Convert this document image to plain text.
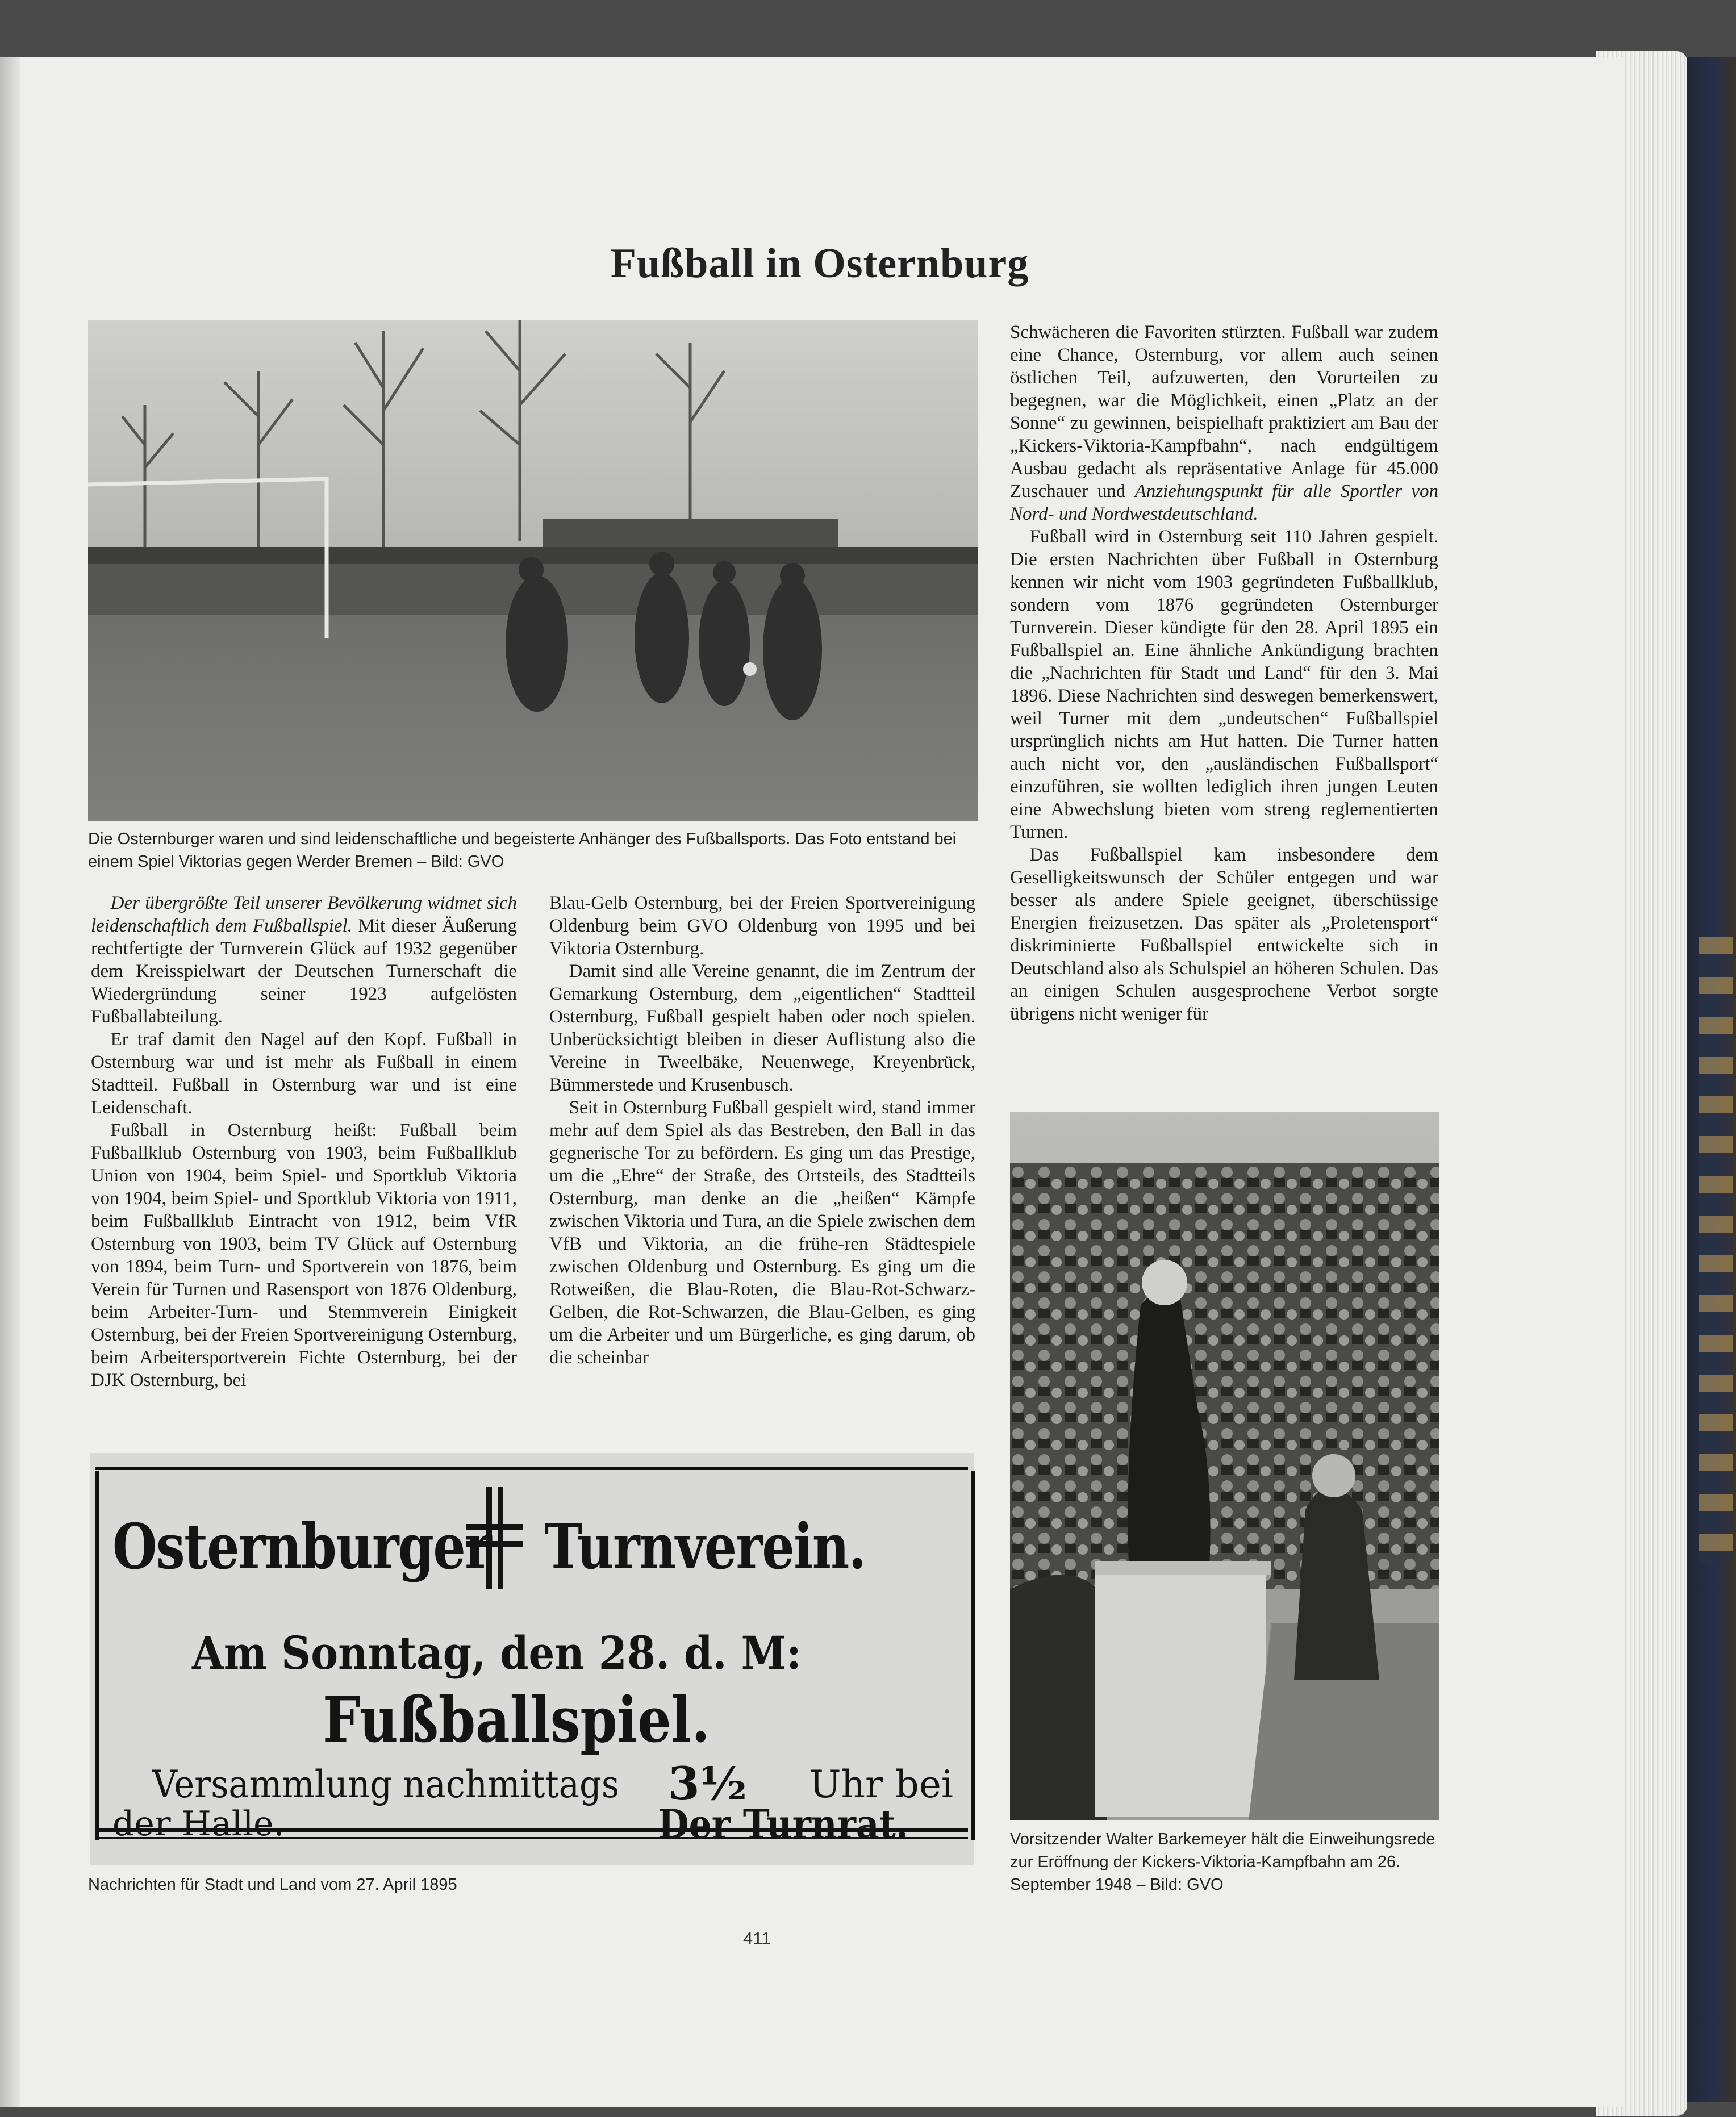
Fußball in Osternburg

Die Osternburger waren und sind leidenschaftliche und begeisterte Anhänger des Fußballsports. Das Foto entstand bei einem Spiel Viktorias gegen Werder Bremen – Bild: GVO

Der übergrößte Teil unserer Bevölkerung widmet sich leidenschaftlich dem Fußballspiel. Mit dieser Äußerung rechtfertigte der Turnverein Glück auf 1932 gegenüber dem Kreisspielwart der Deutschen Turnerschaft die Wiedergründung seiner 1923 aufgelösten Fußballabteilung.

Er traf damit den Nagel auf den Kopf. Fußball in Osternburg war und ist mehr als Fußball in einem Stadtteil. Fußball in Osternburg war und ist eine Leidenschaft.

Fußball in Osternburg heißt: Fußball beim Fußballklub Osternburg von 1903, beim Fußballklub Union von 1904, beim Spiel- und Sportklub Viktoria von 1904, beim Spiel- und Sportklub Viktoria von 1911, beim Fußballklub Eintracht von 1912, beim VfR Osternburg von 1903, beim TV Glück auf Osternburg von 1894, beim Turn- und Sportverein von 1876, beim Verein für Turnen und Rasensport von 1876 Oldenburg, beim Arbeiter-Turn- und Stemmverein Einigkeit Osternburg, bei der Freien Sportvereinigung Osternburg, beim Arbeitersportverein Fichte Osternburg, bei der DJK Osternburg, bei

Blau-Gelb Osternburg, bei der Freien Sportvereinigung Oldenburg beim GVO Oldenburg von 1995 und bei Viktoria Osternburg.

Damit sind alle Vereine genannt, die im Zentrum der Gemarkung Osternburg, dem „eigentlichen“ Stadtteil Osternburg, Fußball gespielt haben oder noch spielen. Unberücksichtigt bleiben in dieser Auflistung also die Vereine in Tweelbäke, Neuenwege, Kreyenbrück, Bümmerstede und Krusenbusch.

Seit in Osternburg Fußball gespielt wird, stand immer mehr auf dem Spiel als das Bestreben, den Ball in das gegnerische Tor zu befördern. Es ging um das Prestige, um die „Ehre“ der Straße, des Ortsteils, des Stadtteils Osternburg, man denke an die „heißen“ Kämpfe zwischen Viktoria und Tura, an die Spiele zwischen dem VfB und Viktoria, an die frühe-ren Städtespiele zwischen Oldenburg und Osternburg. Es ging um die Rotweißen, die Blau-Roten, die Blau-Rot-Schwarz-Gelben, die Rot-Schwarzen, die Blau-Gelben, es ging um die Arbeiter und um Bürgerliche, es ging darum, ob die scheinbar

Schwächeren die Favoriten stürzten. Fußball war zudem eine Chance, Osternburg, vor allem auch seinen östlichen Teil, aufzuwerten, den Vorurteilen zu begegnen, war die Möglichkeit, einen „Platz an der Sonne“ zu gewinnen, beispielhaft praktiziert am Bau der „Kickers-Viktoria-Kampfbahn“, nach endgültigem Ausbau gedacht als repräsentative Anlage für 45.000 Zuschauer und Anziehungspunkt für alle Sportler von Nord- und Nordwestdeutschland.

Fußball wird in Osternburg seit 110 Jahren gespielt. Die ersten Nachrichten über Fußball in Osternburg kennen wir nicht vom 1903 gegründeten Fußballklub, sondern vom 1876 gegründeten Osternburger Turnverein. Dieser kündigte für den 28. April 1895 ein Fußballspiel an. Eine ähnliche Ankündigung brachten die „Nachrichten für Stadt und Land“ für den 3. Mai 1896. Diese Nachrichten sind deswegen bemerkenswert, weil Turner mit dem „undeutschen“ Fußballspiel ursprünglich nichts am Hut hatten. Die Turner hatten auch nicht vor, den „ausländischen Fußballsport“ einzuführen, sie wollten lediglich ihren jungen Leuten eine Abwechslung bieten vom streng reglementierten Turnen.

Das Fußballspiel kam insbesondere dem Geselligkeitswunsch der Schüler entgegen und war besser als andere Spiele geeignet, überschüssige Energien freizusetzen. Das später als „Proletensport“ diskriminierte Fußballspiel entwickelte sich in Deutschland also als Schulspiel an höheren Schulen. Das an einigen Schulen ausgesprochene Verbot sorgte übrigens nicht weniger für

Vorsitzender Walter Barkemeyer hält die Einweihungsrede zur Eröffnung der Kickers-Viktoria-Kampfbahn am 26. September 1948 – Bild: GVO

Osternburger Turnverein.
Am Sonntag, den 28. d. M:
Fußballspiel.
Versammlung nachmittags 3½	Uhr bei
der Halle.	Der Turnrat.

Nachrichten für Stadt und Land vom 27. April 1895

411
